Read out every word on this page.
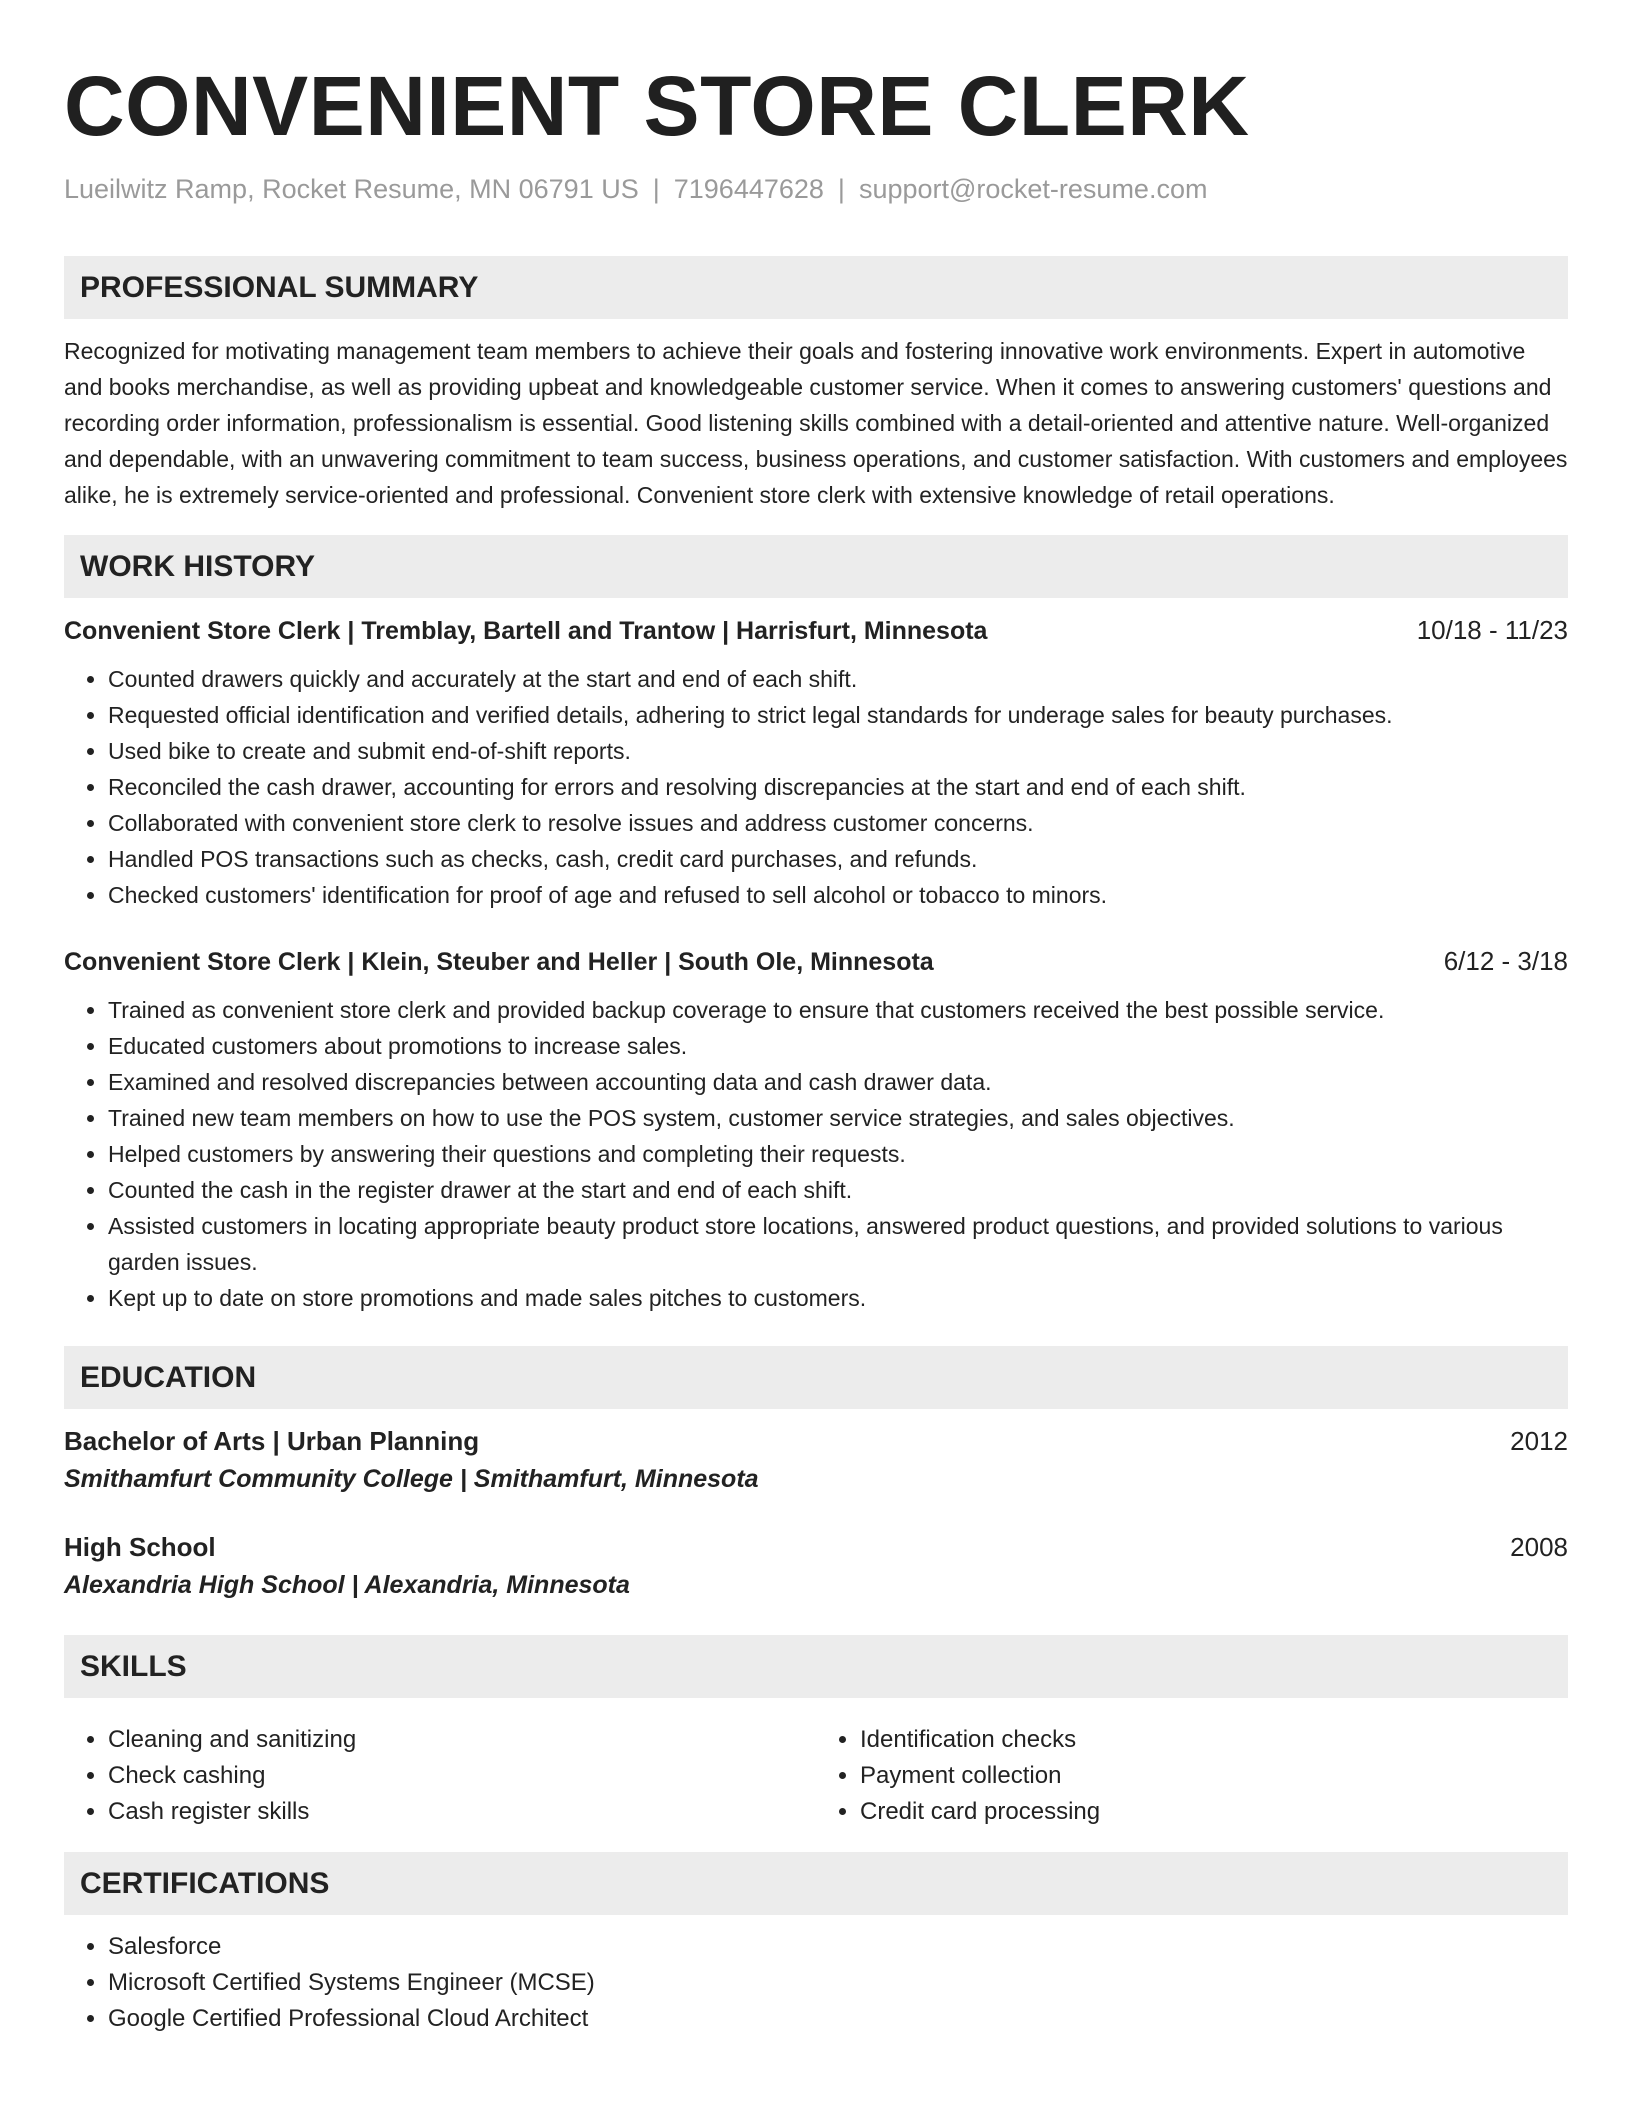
CONVENIENT STORE CLERK
Lueilwitz Ramp, Rocket Resume, MN 06791 US | 7196447628 | support@rocket-resume.com
PROFESSIONAL SUMMARY

Recognized for motivating management team members to achieve their goals and fostering innovative work environments. Expert in automotive and books merchandise, as well as providing upbeat and knowledgeable customer service. When it comes to answering customers' questions and recording order information, professionalism is essential. Good listening skills combined with a detail-oriented and attentive nature. Well-organized and dependable, with an unwavering commitment to team success, business operations, and customer satisfaction. With customers and employees alike, he is extremely service-oriented and professional. Convenient store clerk with extensive knowledge of retail operations.

WORK HISTORY
Convenient Store Clerk | Tremblay, Bartell and Trantow | Harrisfurt, Minnesota	10/18 - 11/23
• Counted drawers quickly and accurately at the start and end of each shift.
• Requested official identification and verified details, adhering to strict legal standards for underage sales for beauty purchases.
• Used bike to create and submit end-of-shift reports.
• Reconciled the cash drawer, accounting for errors and resolving discrepancies at the start and end of each shift.
• Collaborated with convenient store clerk to resolve issues and address customer concerns.
• Handled POS transactions such as checks, cash, credit card purchases, and refunds.
• Checked customers' identification for proof of age and refused to sell alcohol or tobacco to minors.
Convenient Store Clerk | Klein, Steuber and Heller | South Ole, Minnesota	6/12 - 3/18
• Trained as convenient store clerk and provided backup coverage to ensure that customers received the best possible service.
• Educated customers about promotions to increase sales.
• Examined and resolved discrepancies between accounting data and cash drawer data.
• Trained new team members on how to use the POS system, customer service strategies, and sales objectives.
• Helped customers by answering their questions and completing their requests.
• Counted the cash in the register drawer at the start and end of each shift.
• Assisted customers in locating appropriate beauty product store locations, answered product questions, and provided solutions to various garden issues.
• Kept up to date on store promotions and made sales pitches to customers.
EDUCATION
Bachelor of Arts | Urban Planning	2012
Smithamfurt Community College | Smithamfurt, Minnesota
High School	2008
Alexandria High School | Alexandria, Minnesota
SKILLS
• Cleaning and sanitizing
• Check cashing
• Cash register skills
• Identification checks
• Payment collection
• Credit card processing
CERTIFICATIONS
• Salesforce
• Microsoft Certified Systems Engineer (MCSE)
• Google Certified Professional Cloud Architect
